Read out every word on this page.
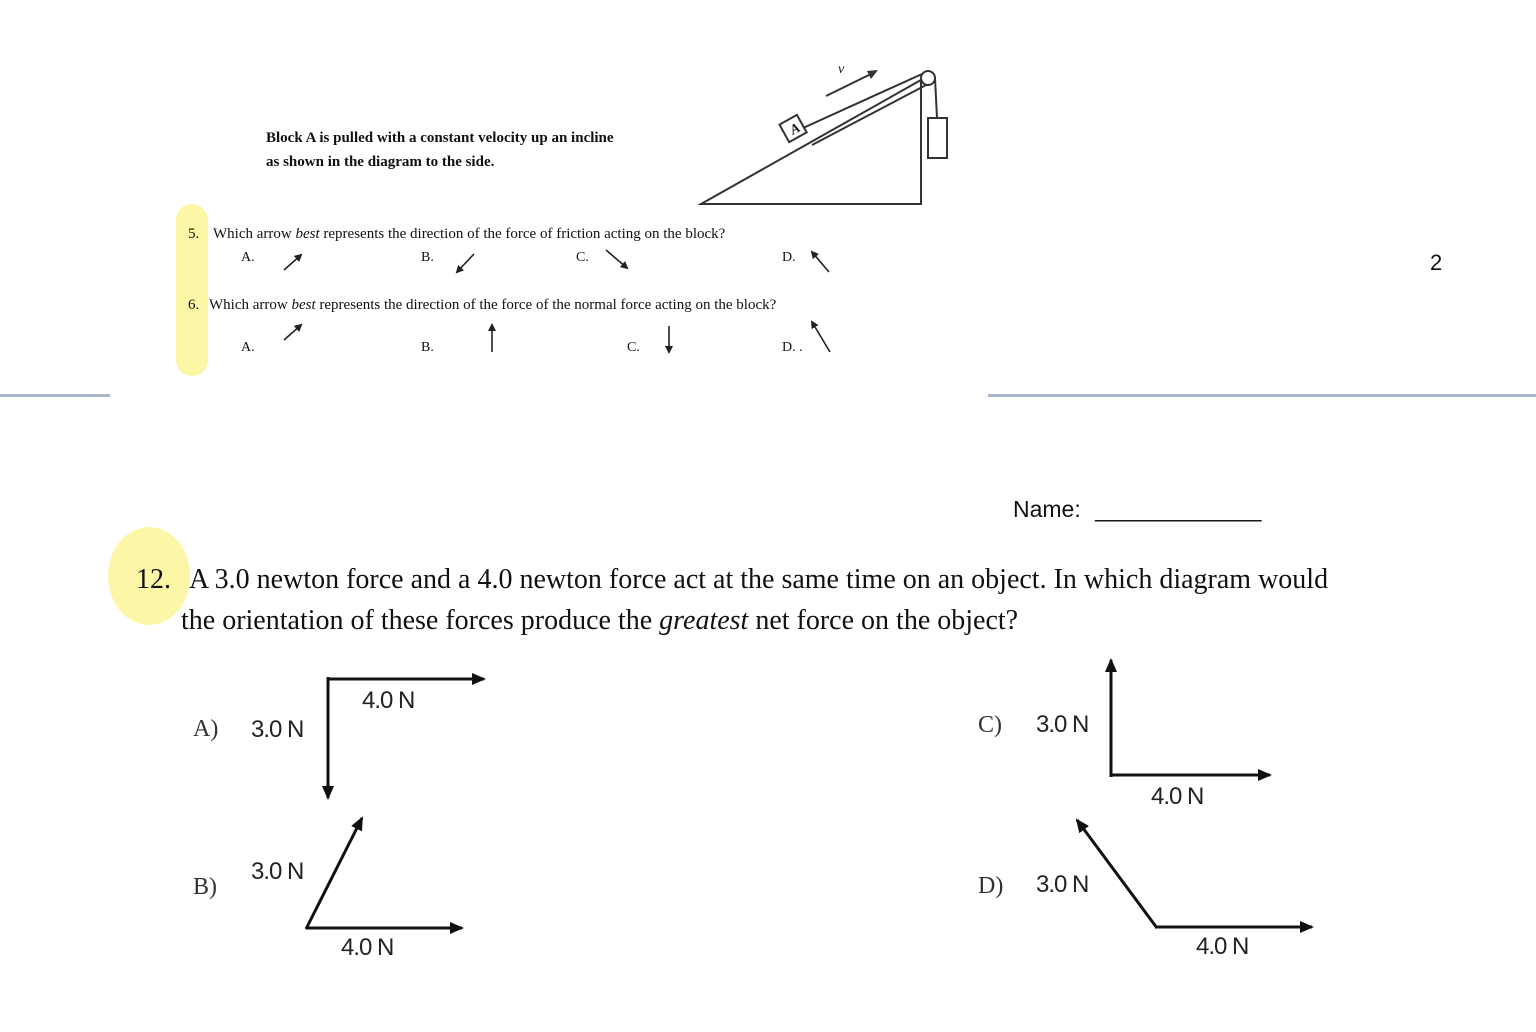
Block A is pulled with a constant velocity up an incline
as shown in the diagram to the side.
A
v
5. Which arrow best represents the direction of the force of friction acting on the block?
A.	B.	C.	D.
6. Which arrow best represents the direction of the force of the normal force acting on the block?
A.	B.	C.	D. .
2
Name: _____________
12. A 3.0 newton force and a 4.0 newton force act at the same time on an object. In which diagram would
the orientation of these forces produce the greatest net force on the object?
A) 3.0 N
4.0 N
B)
3.0 N
4.0 N
C) 3.0 N
4.0 N
D) 3.0 N
4.0 N
